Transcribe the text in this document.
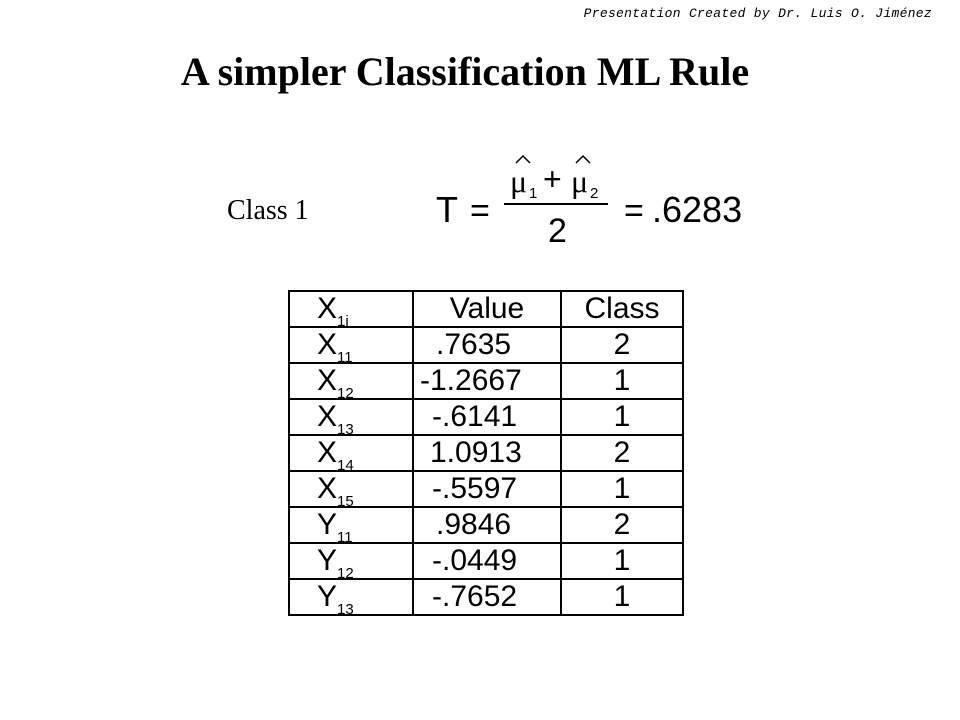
Presentation Created by Dr. Luis O. Jiménez
A simpler Classification ML Rule
Class 1	T =
μ 1 + μ 2
2
= .6283
$X_{1i}$	Value	Class
$X_{11}$	.7635	2
$X_{12}$	-1.2667	1
$X_{13}$	-.6141	1
$X_{14}$	1.0913	2
$X_{15}$	-.5597	1
$Y_{11}$	.9846	2
$Y_{12}$	-.0449	1
$Y_{13}$	-.7652	1
